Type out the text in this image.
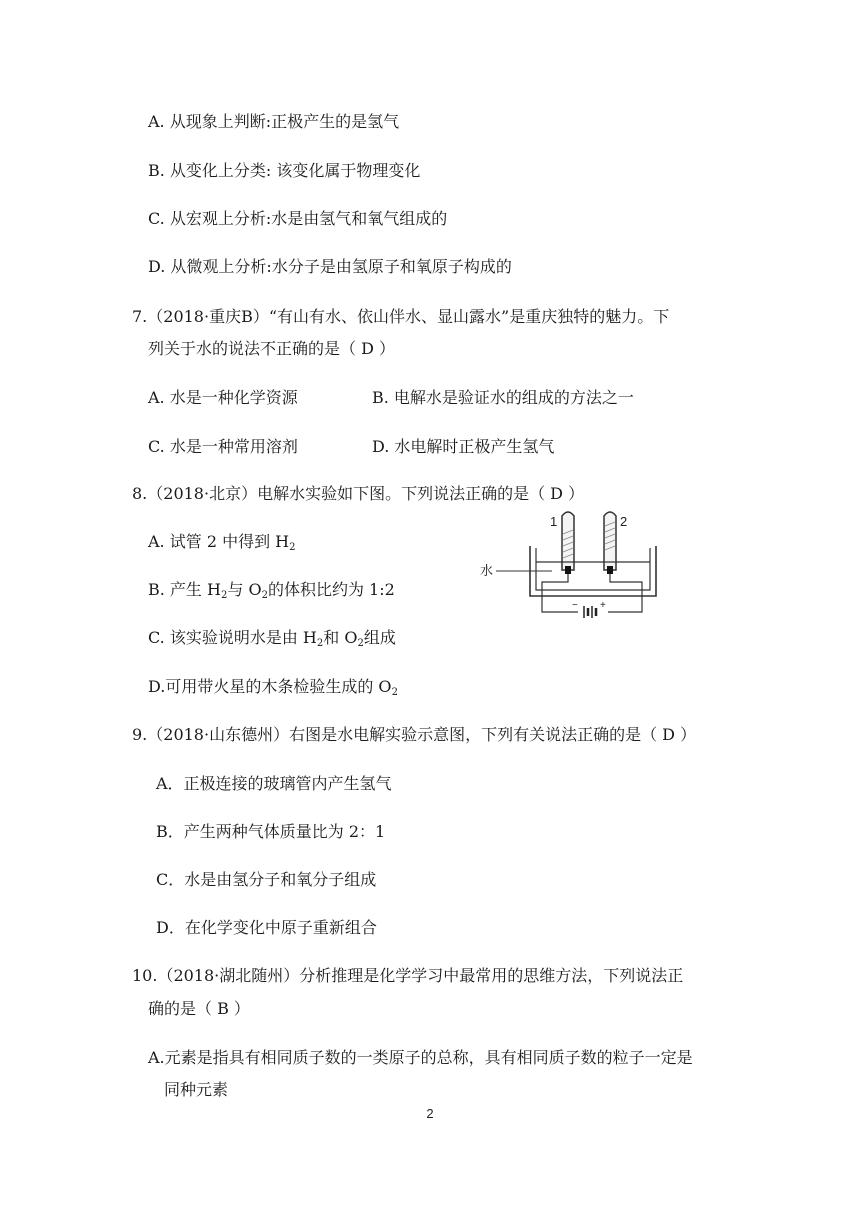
A. 从现象上判断:正极产生的是氢气
B. 从变化上分类: 该变化属于物理变化
C. 从宏观上分析:水是由氢气和氧气组成的
D. 从微观上分析:水分子是由氢原子和氧原子构成的
7.（2018·重庆B）“有山有水、依山伴水、显山露水”是重庆独特的魅力。下
列关于水的说法不正确的是（ D ）
A. 水是一种化学资源	B. 电解水是验证水的组成的方法之一
C. 水是一种常用溶剂	D. 水电解时正极产生氢气
8.（2018·北京）电解水实验如下图。下列说法正确的是（ D ）
A. 试管 2 中得到 $H_2$
B. 产生 $H_2$与 $O_2$的体积比约为 1:2
C. 该实验说明水是由 $H_2$和 $O_2$组成
D.可用带火星的木条检验生成的 $O_2$
1	2
水
− +
9.（2018·山东德州）右图是水电解实验示意图，下列有关说法正确的是（ D ）
A．正极连接的玻璃管内产生氢气
B．产生两种气体质量比为 2：1
C．水是由氢分子和氧分子组成
D．在化学变化中原子重新组合
10.（2018·湖北随州）分析推理是化学学习中最常用的思维方法，下列说法正
确的是（ B ）
A.元素是指具有相同质子数的一类原子的总称，具有相同质子数的粒子一定是
同种元素
2
